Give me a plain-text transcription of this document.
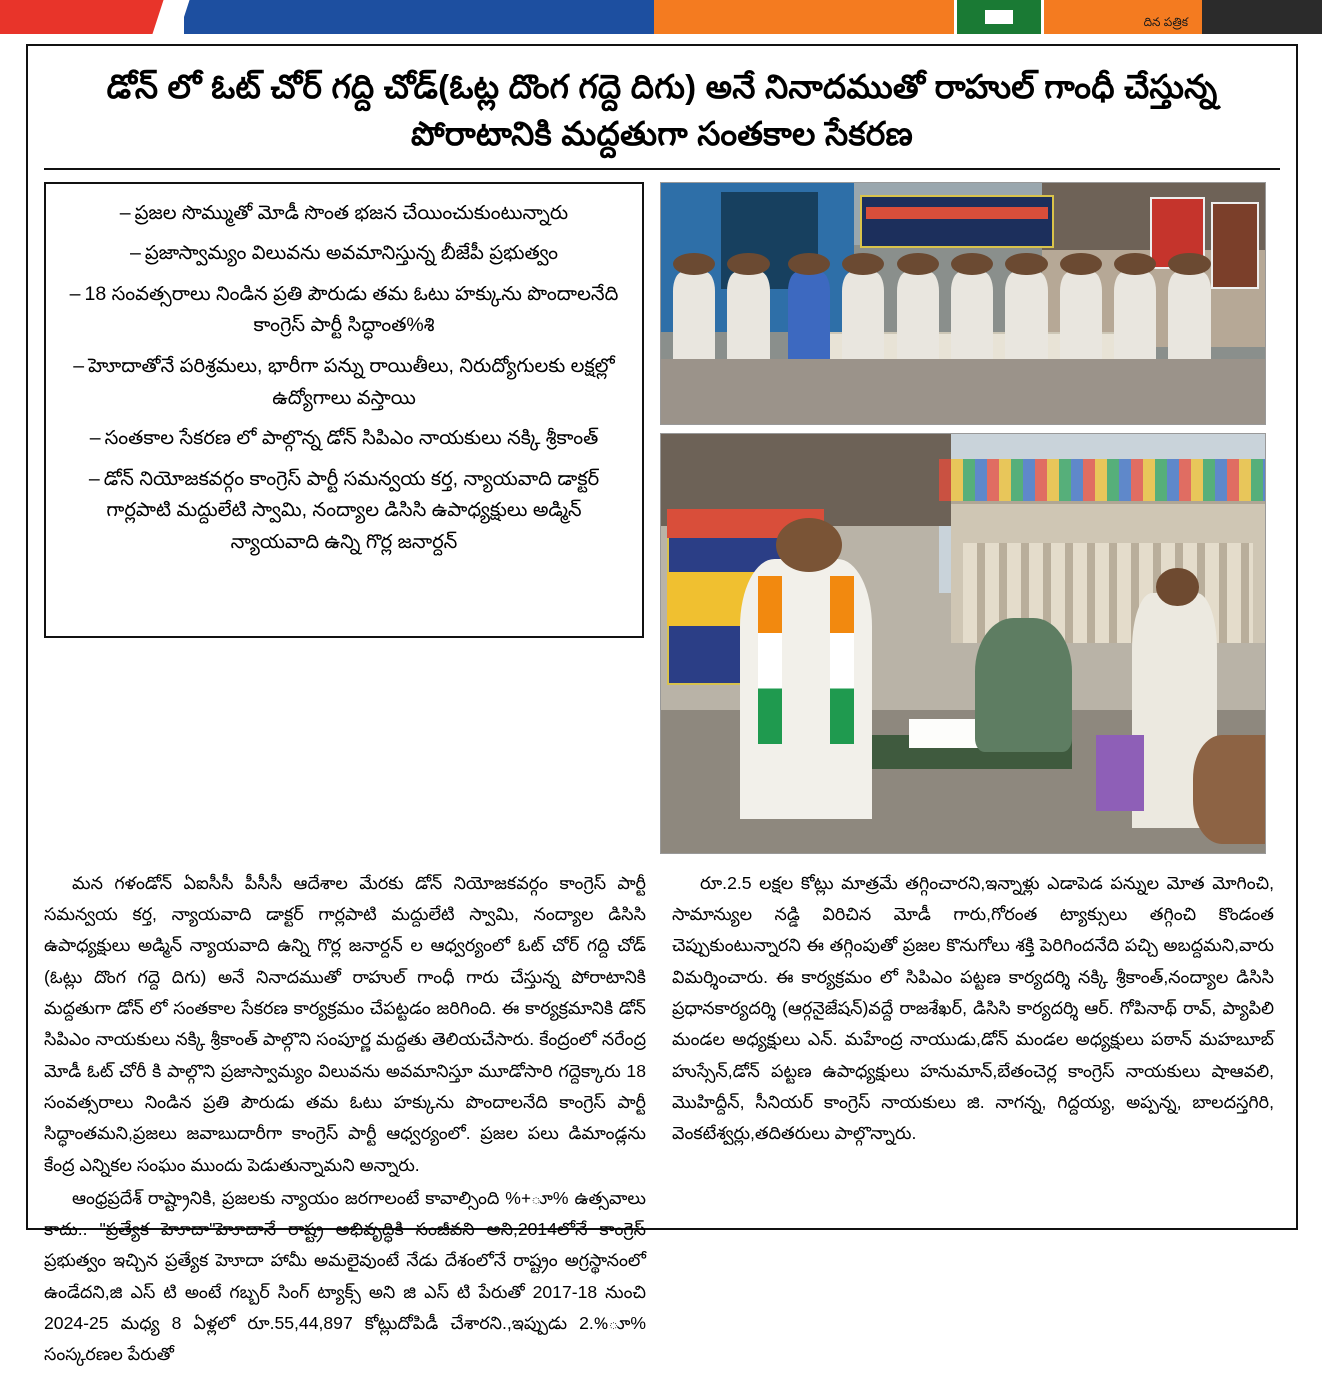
దిన పత్రిక
డోన్ లో ఓట్ చోర్ గద్ది చోడ్(ఓట్ల దొంగ గద్దె దిగు) అనే నినాదముతో రాహుల్ గాంధీ చేస్తున్న పోరాటానికి మద్దతుగా సంతకాల సేకరణ
– ప్రజల సొమ్ముతో మోడీ సొంత భజన చేయించుకుంటున్నారు
– ప్రజాస్వామ్యం విలువను అవమానిస్తున్న బీజేపీ ప్రభుత్వం
– 18 సంవత్సరాలు నిండిన ప్రతి పౌరుడు తమ ఓటు హక్కును పొందాలనేది కాంగ్రెస్ పార్టీ సిద్ధాంత%శి
– హెూదాతోనే పరిశ్రమలు, భారీగా పన్ను రాయితీలు, నిరుద్యోగులకు లక్షల్లో ఉద్యోగాలు వస్తాయి
– సంతకాల సేకరణ లో పాల్గొన్న డోన్ సిపిఎం నాయకులు నక్కి శ్రీకాంత్
– డోన్ నియోజకవర్గం కాంగ్రెస్ పార్టీ సమన్వయ కర్త, న్యాయవాది డాక్టర్ గార్లపాటి మద్దులేటి స్వామి, నంద్యాల డిసిసి ఉపాధ్యక్షులు అడ్మిన్ న్యాయవాది ఉన్ని గొర్ల జనార్దన్

మన గళండోన్ ఏఐసీసీ పీసీసీ ఆదేశాల మేరకు డోన్ నియోజకవర్గం కాంగ్రెస్ పార్టీ సమన్వయ కర్త, న్యాయవాది డాక్టర్ గార్లపాటి మద్దులేటి స్వామి, నంద్యాల డిసిసి ఉపాధ్యక్షులు అడ్మిన్ న్యాయవాది ఉన్ని గొర్ల జనార్దన్ ల ఆధ్వర్యంలో ఓట్ చోర్ గద్ది చోడ్ (ఓట్లు దొంగ గద్దె దిగు) అనే నినాదముతో రాహుల్ గాంధీ గారు చేస్తున్న పోరాటానికి మద్దతుగా డోన్ లో సంతకాల సేకరణ కార్యక్రమం చేపట్టడం జరిగింది. ఈ కార్యక్రమానికి డోన్ సిపిఎం నాయకులు నక్కి శ్రీకాంత్ పాల్గొని సంపూర్ణ మద్దతు తెలియచేసారు. కేంద్రంలో నరేంద్ర మోడీ ఓట్ చోరీ కి పాల్గొని ప్రజాస్వామ్యం విలువను అవమానిస్తూ మూడోసారి గద్దెక్కారు 18 సంవత్సరాలు నిండిన ప్రతి పౌరుడు తమ ఓటు హక్కును పొందాలనేది కాంగ్రెస్ పార్టీ సిద్ధాంతమని,ప్రజలు జవాబుదారీగా కాంగ్రెస్ పార్టీ ఆధ్వర్యంలో. ప్రజల పలు డిమాండ్లను కేంద్ర ఎన్నికల సంఘం ముందు పెడుతున్నామని అన్నారు.

ఆంధ్రప్రదేశ్ రాష్ట్రానికి, ప్రజలకు న్యాయం జరగాలంటే కావాల్సింది %+ూ% ఉత్సవాలు కాదు.. "ప్రత్యేక హెూదా"హెూదానే రాష్ట్ర అభివృద్ధికి సంజీవని అని,2014లోనే కాంగ్రెస్ ప్రభుత్వం ఇచ్చిన ప్రత్యేక హెూదా హామీ అమలైవుంటే నేడు దేశంలోనే రాష్ట్రం అగ్రస్థానంలో ఉండేదని,జి ఎస్ టి అంటే గబ్బర్ సింగ్ ట్యాక్స్ అని జి ఎస్ టి పేరుతో 2017-18 నుంచి 2024-25 మధ్య 8 ఏళ్లలో రూ.55,44,897 కోట్లుదోపిడీ చేశారని.,ఇప్పుడు 2.%ూ% సంస్కరణల పేరుతో

రూ.2.5 లక్షల కోట్లు మాత్రమే తగ్గించారని,ఇన్నాళ్లు ఎడాపెడ పన్నుల మోత మోగించి, సామాన్యుల నడ్డి విరిచిన మోడీ గారు,గోరంత ట్యాక్సులు తగ్గించి కొండంత చెప్పుకుంటున్నారని ఈ తగ్గింపుతో ప్రజల కొనుగోలు శక్తి పెరిగిందనేది పచ్చి అబద్దమని,వారు విమర్శించారు. ఈ కార్యక్రమం లో సిపిఎం పట్టణ కార్యదర్శి నక్కి శ్రీకాంత్,నంద్యాల డిసిసి ప్రధానకార్యదర్శి (ఆర్గనైజేషన్)వద్దే రాజశేఖర్, డిసిసి కార్యదర్శి ఆర్. గోపినాథ్ రావ్, ప్యాపిలి మండల అధ్యక్షులు ఎన్. మహేంద్ర నాయుడు,డోన్ మండల అధ్యక్షులు పఠాన్ మహబూబ్ హుస్సేన్,డోన్ పట్టణ ఉపాధ్యక్షులు హనుమాన్,బేతంచెర్ల కాంగ్రెస్ నాయకులు షాఆవలి, మొహిద్దీన్, సీనియర్ కాంగ్రెస్ నాయకులు జి. నాగన్న, గిద్దయ్య, అప్పన్న, బాలదస్తగిరి, వెంకటేశ్వర్లు,తదితరులు పాల్గొన్నారు.
